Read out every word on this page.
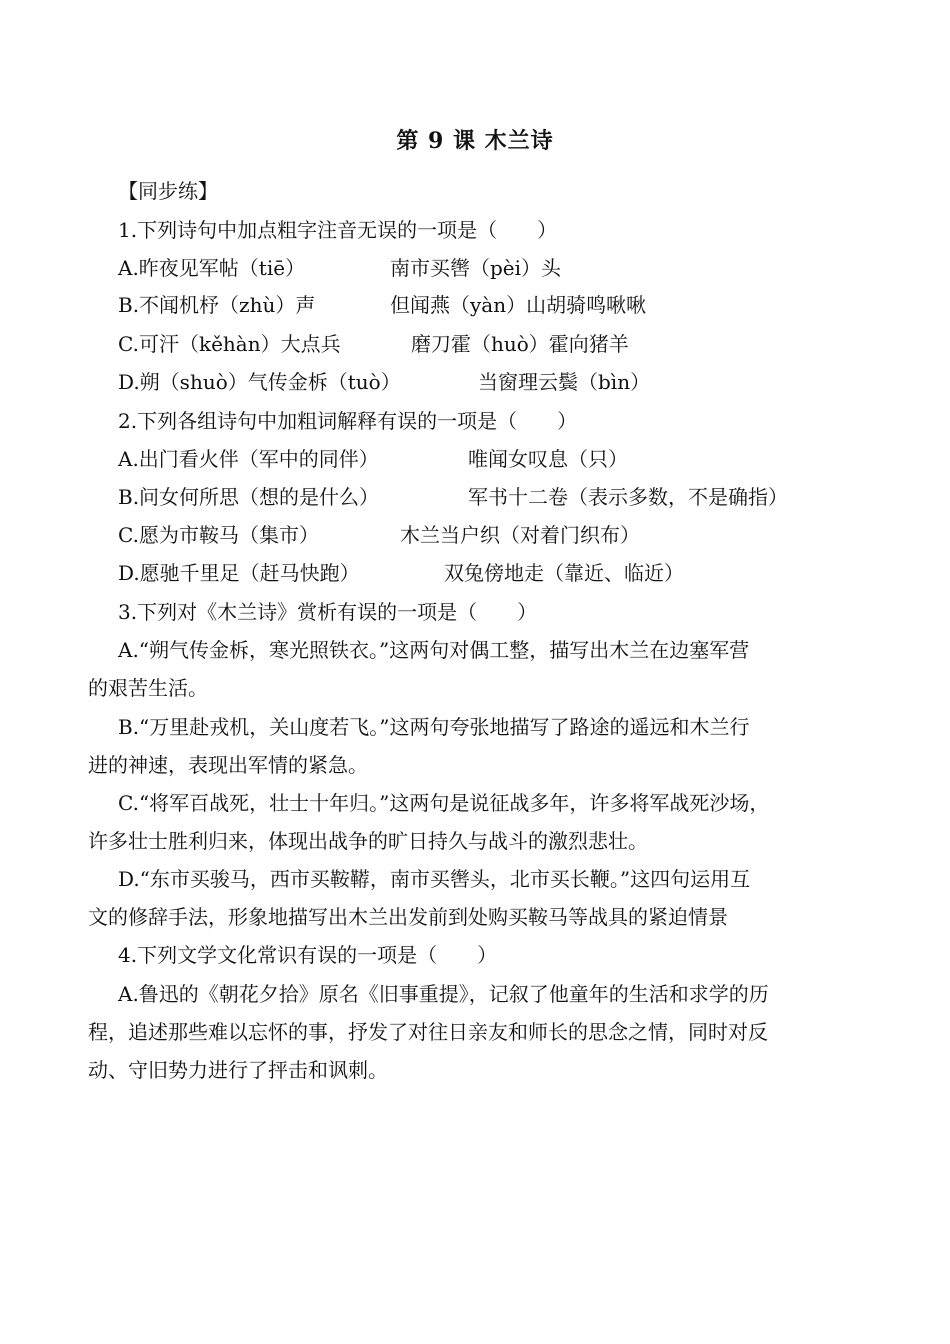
第 9 课 木兰诗
【同步练】
1.下列诗句中加点粗字注音无误的一项是（　　）
A.昨夜见军帖（tiē）	南市买辔（pèi）头
B.不闻机杼（zhù）声	但闻燕（yàn）山胡骑鸣啾啾
C.可汗（kěhàn）大点兵	磨刀霍（huò）霍向猪羊
D.朔（shuò）气传金柝（tuò）	当窗理云鬓（bìn）
2.下列各组诗句中加粗词解释有误的一项是（　　）
A.出门看火伴（军中的同伴）	唯闻女叹息（只）
B.问女何所思（想的是什么）	军书十二卷（表示多数，不是确指）
C.愿为市鞍马（集市）	木兰当户织（对着门织布）
D.愿驰千里足（赶马快跑）	双兔傍地走（靠近、临近）
3.下列对《木兰诗》赏析有误的一项是（　　）
A.“朔气传金柝，寒光照铁衣。”这两句对偶工整，描写出木兰在边塞军营
的艰苦生活。
B.“万里赴戎机，关山度若飞。”这两句夸张地描写了路途的遥远和木兰行
进的神速，表现出军情的紧急。
C.“将军百战死，壮士十年归。”这两句是说征战多年，许多将军战死沙场，
许多壮士胜利归来，体现出战争的旷日持久与战斗的激烈悲壮。
D.“东市买骏马，西市买鞍鞯，南市买辔头，北市买长鞭。”这四句运用互
文的修辞手法，形象地描写出木兰出发前到处购买鞍马等战具的紧迫情景
4.下列文学文化常识有误的一项是（　　）
A.鲁迅的《朝花夕拾》原名《旧事重提》，记叙了他童年的生活和求学的历
程，追述那些难以忘怀的事，抒发了对往日亲友和师长的思念之情，同时对反
动、守旧势力进行了抨击和讽刺。
